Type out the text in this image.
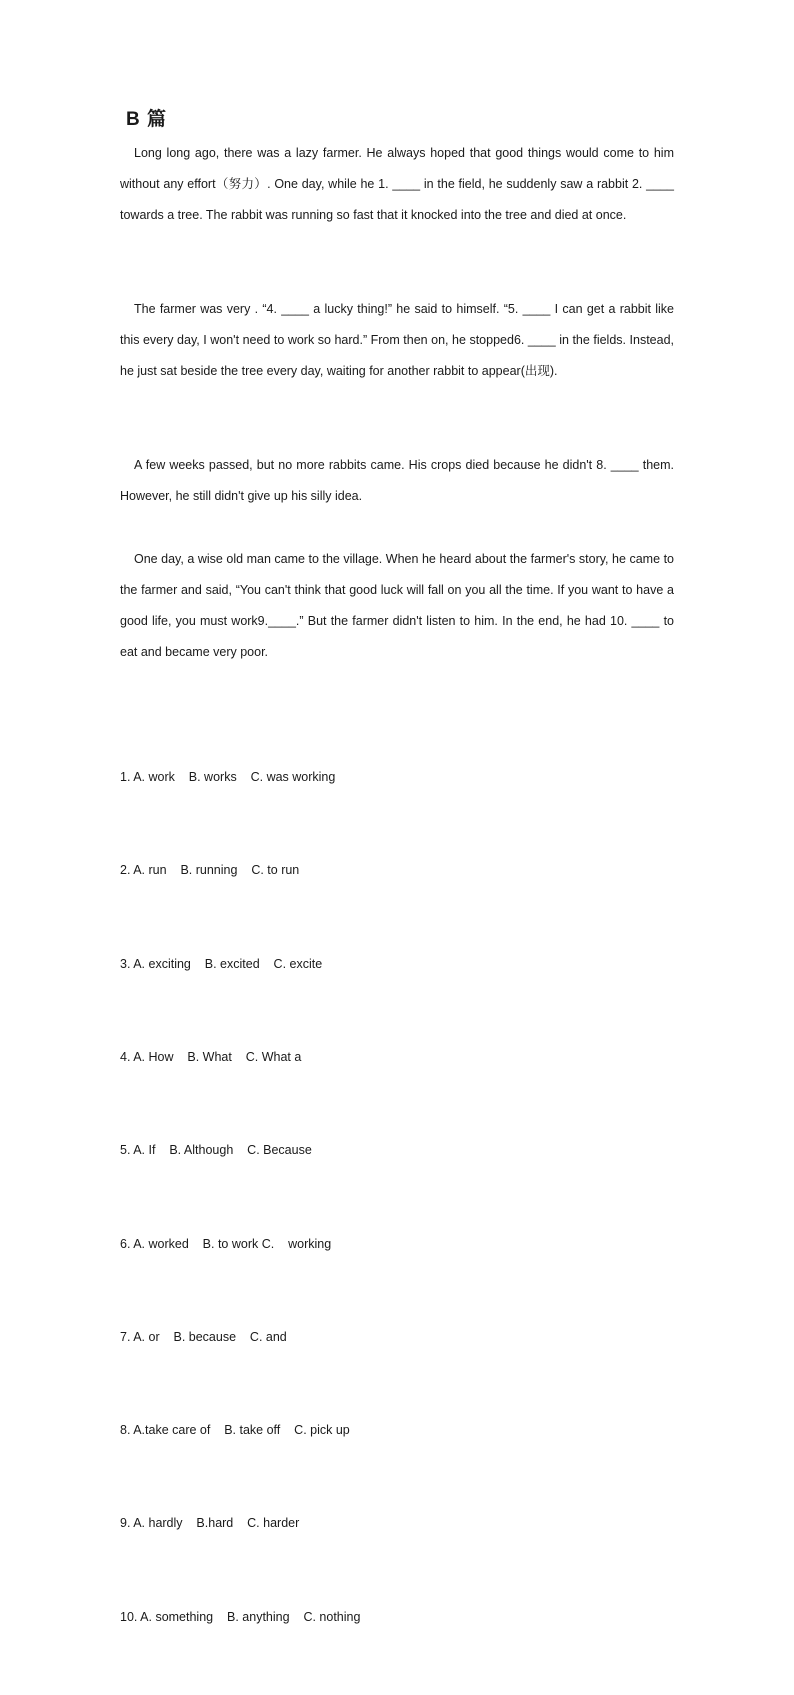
B 篇

Long long ago, there was a lazy farmer. He always hoped that good things would come to him without any effort（努力）. One day, while he 1. ____ in the field, he suddenly saw a rabbit 2. ____ towards a tree. The rabbit was running so fast that it knocked into the tree and died at once.

The farmer was very . “4. ____ a lucky thing!” he said to himself. “5. ____ I can get a rabbit like this every day, I won't need to work so hard.” From then on, he stopped6. ____ in the fields. Instead, he just sat beside the tree every day, waiting for another rabbit to appear(出现).

A few weeks passed, but no more rabbits came. His crops died because he didn't 8. ____ them. However, he still didn't give up his silly idea.

One day, a wise old man came to the village. When he heard about the farmer's story, he came to the farmer and said, “You can't think that good luck will fall on you all the time. If you want to have a good life, you must work9.____.” But the farmer didn't listen to him. In the end, he had 10. ____ to eat and became very poor.

1. A. work    B. works    C. was working

2. A. run    B. running    C. to run

3. A. exciting    B. excited    C. excite

4. A. How    B. What    C. What a

5. A. If    B. Although    C. Because

6. A. worked    B. to work C.    working

7. A. or    B. because    C. and

8. A.take care of    B. take off    C. pick up

9. A. hardly    B.hard    C. harder

10. A. something    B. anything    C. nothing
